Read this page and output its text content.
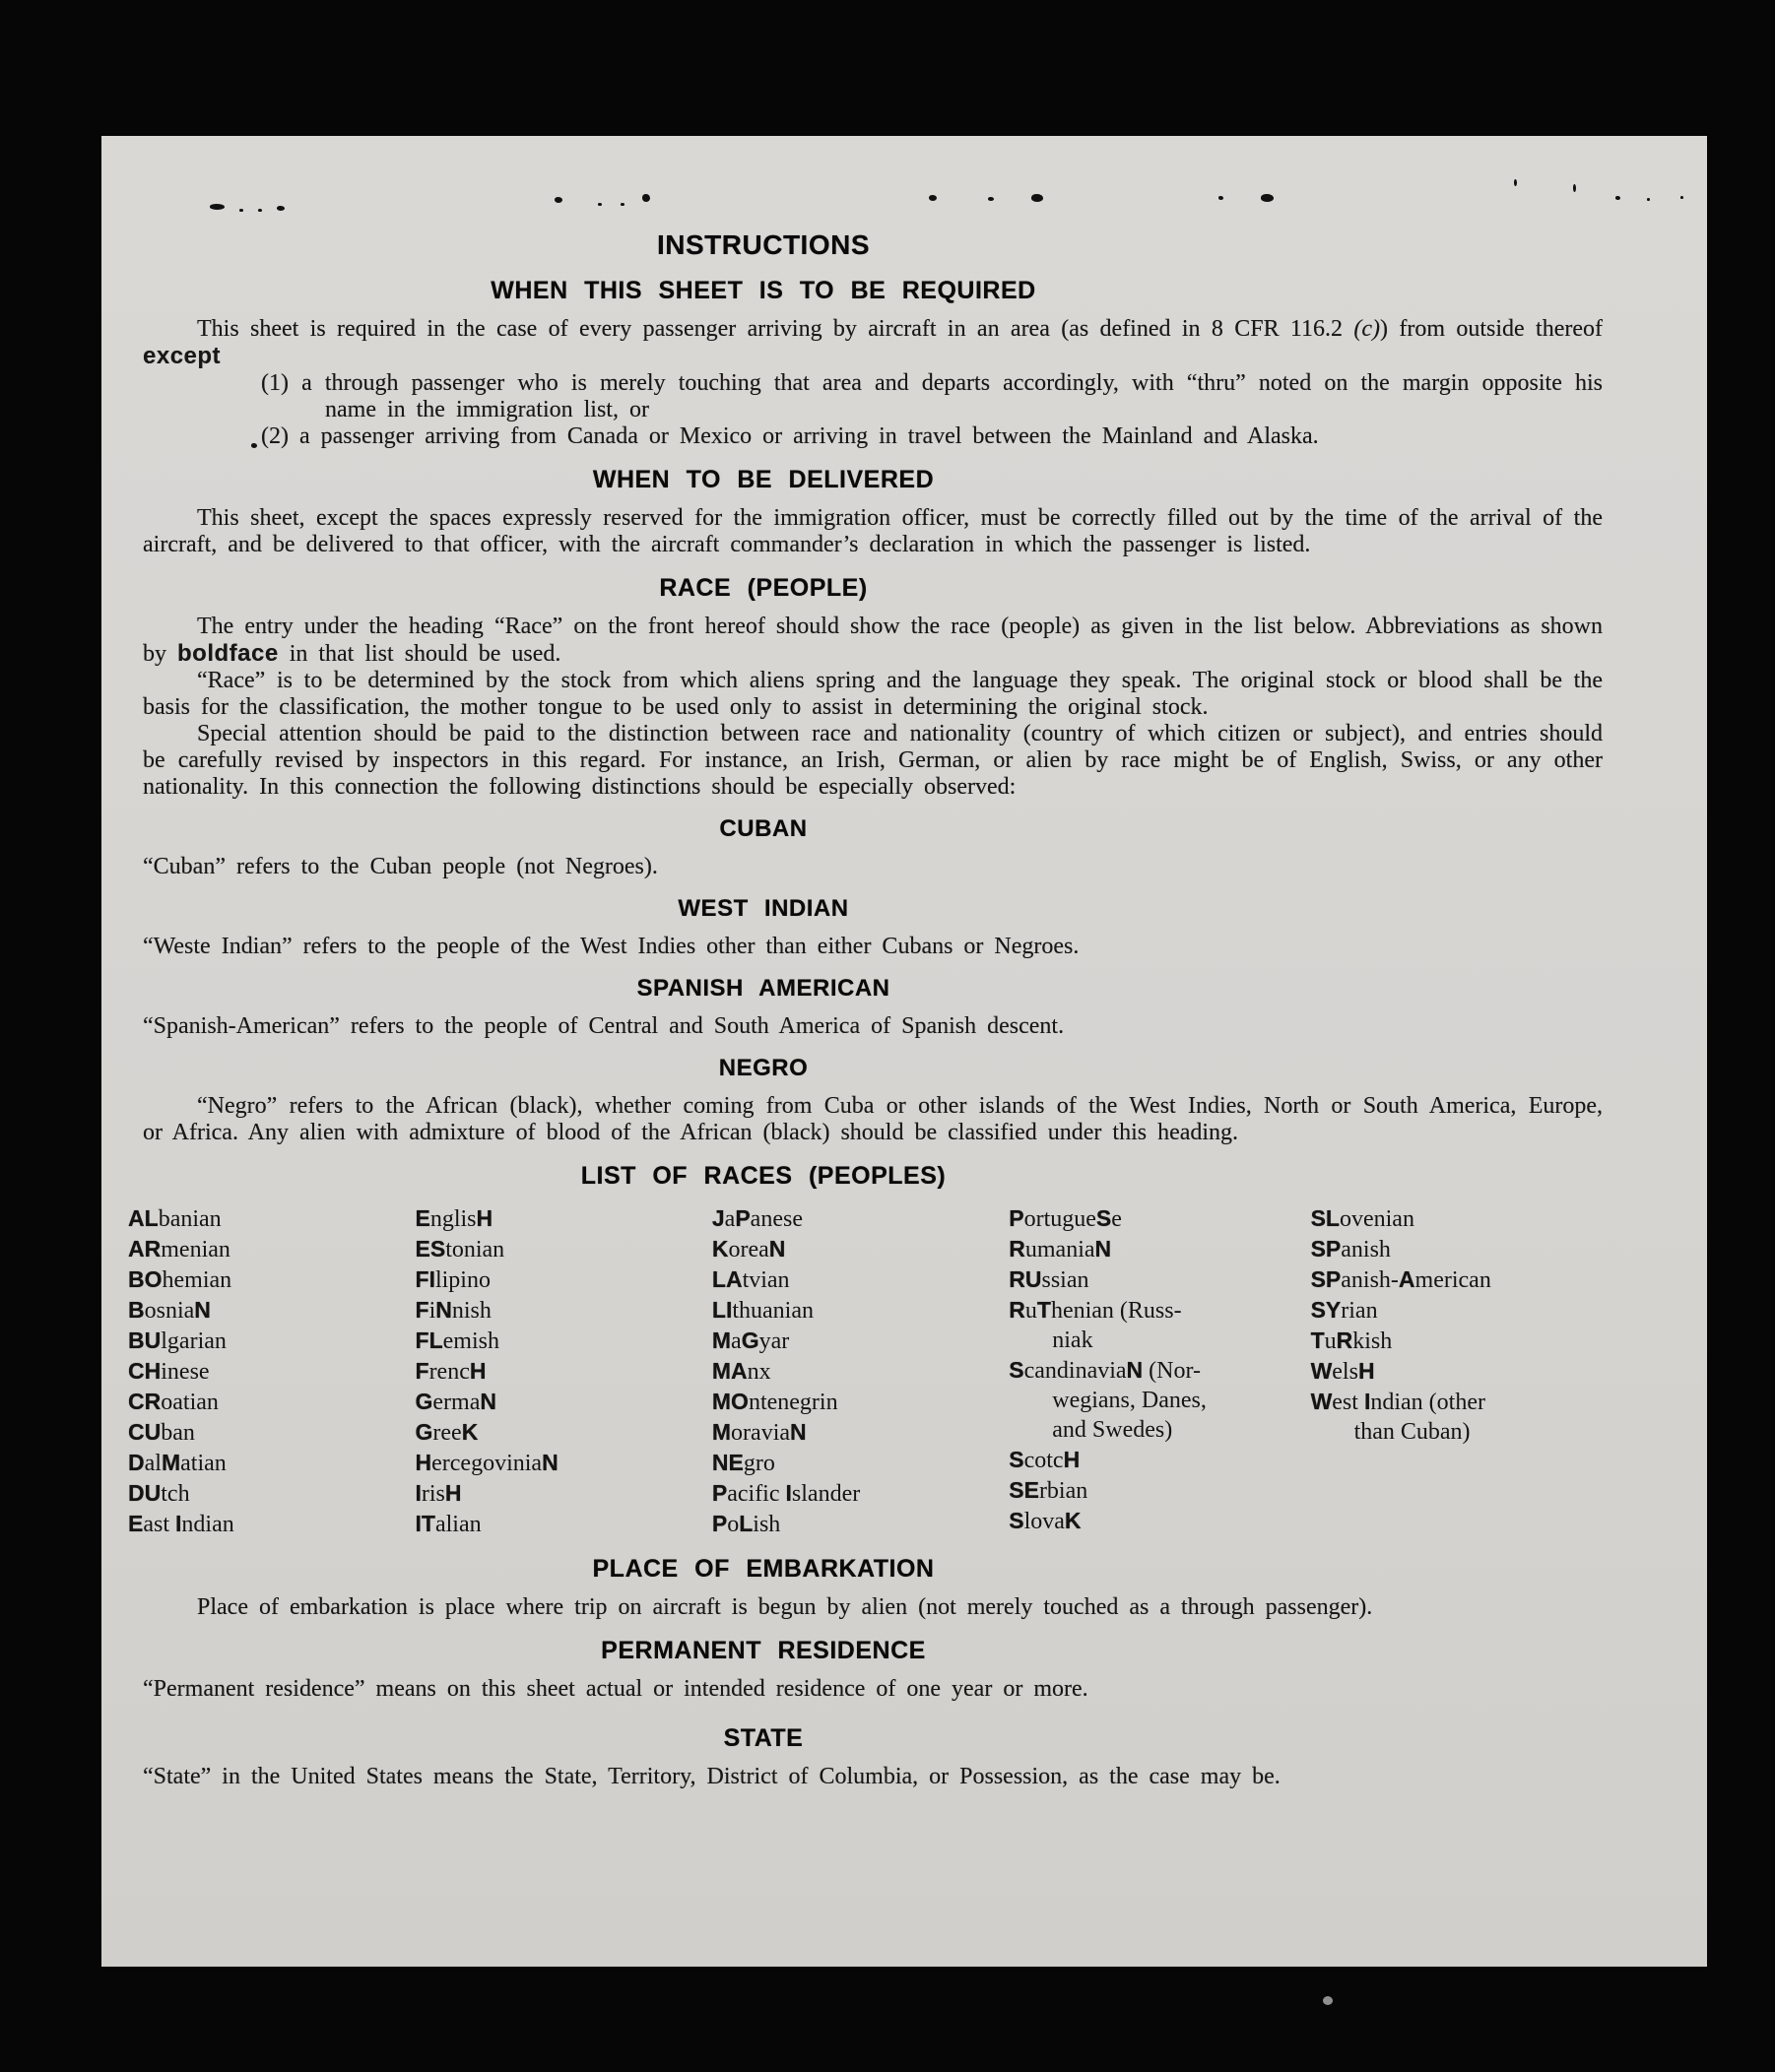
INSTRUCTIONS
WHEN THIS SHEET IS TO BE REQUIRED
This sheet is required in the case of every passenger arriving by aircraft in an area (as defined in 8 CFR 116.2 (c)) from outside thereof except
(1) a through passenger who is merely touching that area and departs accordingly, with “thru” noted on the margin opposite his name in the immigration list, or
(2) a passenger arriving from Canada or Mexico or arriving in travel between the Mainland and Alaska.
WHEN TO BE DELIVERED
This sheet, except the spaces expressly reserved for the immigration officer, must be correctly filled out by the time of the arrival of the aircraft, and be delivered to that officer, with the aircraft commander’s declaration in which the passenger is listed.
RACE (PEOPLE)
The entry under the heading “Race” on the front hereof should show the race (people) as given in the list below. Abbreviations as shown by boldface in that list should be used.
“Race” is to be determined by the stock from which aliens spring and the language they speak. The original stock or blood shall be the basis for the classification, the mother tongue to be used only to assist in determining the original stock.
Special attention should be paid to the distinction between race and nationality (country of which citizen or subject), and entries should be carefully revised by inspectors in this regard. For instance, an Irish, German, or alien by race might be of English, Swiss, or any other nationality. In this connection the following distinctions should be especially observed:
CUBAN
“Cuban” refers to the Cuban people (not Negroes).
WEST INDIAN
“Weste Indian” refers to the people of the West Indies other than either Cubans or Negroes.
SPANISH AMERICAN
“Spanish-American” refers to the people of Central and South America of Spanish descent.
NEGRO
“Negro” refers to the African (black), whether coming from Cuba or other islands of the West Indies, North or South America, Europe, or Africa. Any alien with admixture of blood of the African (black) should be classified under this heading.
LIST OF RACES (PEOPLES)
ALbanian
ARmenian
BOhemian
BosniaN
BUlgarian
CHinese
CRoatian
CUban
DalMatian
DUtch
East Indian
EnglisH
EStonian
FIlipino
FiNnish
FLemish
FrencH
GermaN
GreeK
HercegoviniaN
IrisH
ITalian
JaPanese
KoreaN
LAtvian
LIthuanian
MaGyar
MAnx
MOntenegrin
MoraviaN
NEgro
Pacific Islander
PoLish
PortugueSe
RumaniaN
RUssian
RuThenian (Russ-
niak
ScandinaviaN (Nor-
wegians, Danes,
and Swedes)
ScotcH
SErbian
SlovaK
SLovenian
SPanish
SPanish-American
SYrian
TuRkish
WelsH
West Indian (other
than Cuban)
PLACE OF EMBARKATION
Place of embarkation is place where trip on aircraft is begun by alien (not merely touched as a through passenger).
PERMANENT RESIDENCE
“Permanent residence” means on this sheet actual or intended residence of one year or more.
STATE
“State” in the United States means the State, Territory, District of Columbia, or Possession, as the case may be.
